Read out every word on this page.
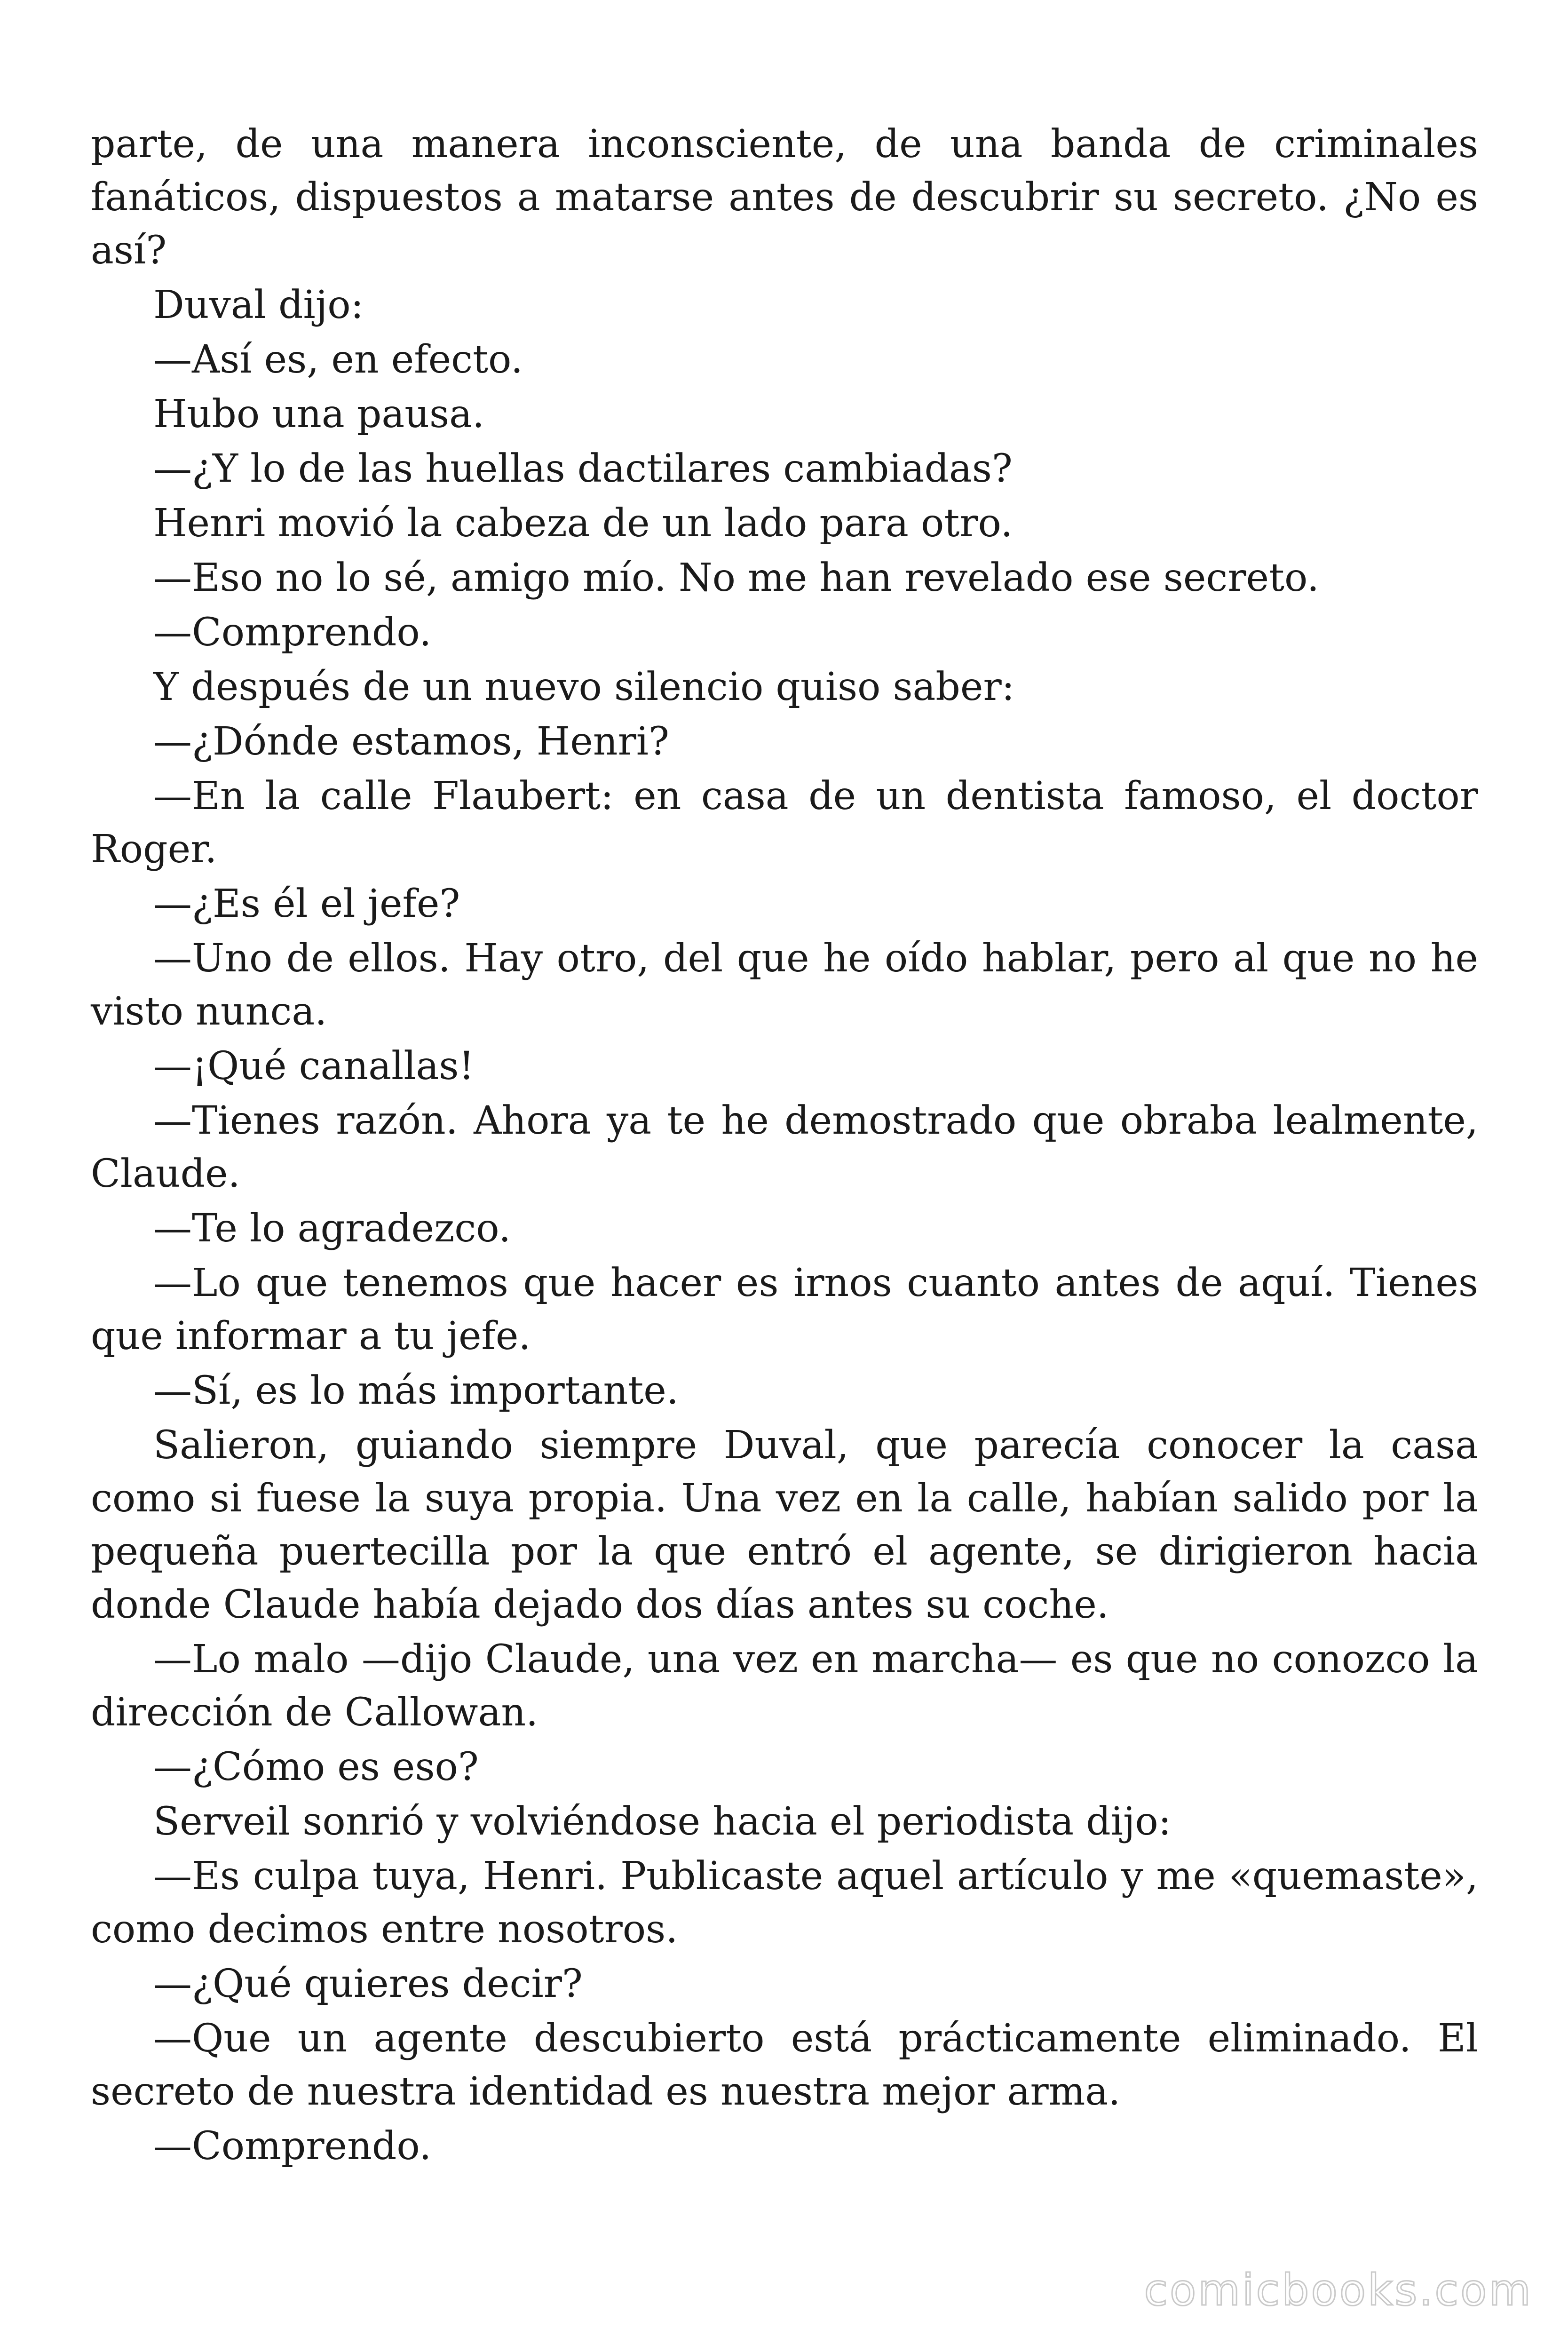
parte, de una manera inconsciente, de una banda de criminales fanáticos, dispuestos a matarse antes de descubrir su secreto. ¿No es así?

Duval dijo:

—Así es, en efecto.

Hubo una pausa.

—¿Y lo de las huellas dactilares cambiadas?

Henri movió la cabeza de un lado para otro.

—Eso no lo sé, amigo mío. No me han revelado ese secreto.

—Comprendo.

Y después de un nuevo silencio quiso saber:

—¿Dónde estamos, Henri?

—En la calle Flaubert: en casa de un dentista famoso, el doctor Roger.

—¿Es él el jefe?

—Uno de ellos. Hay otro, del que he oído hablar, pero al que no he visto nunca.

—¡Qué canallas!

—Tienes razón. Ahora ya te he demostrado que obraba lealmente, Claude.

—Te lo agradezco.

—Lo que tenemos que hacer es irnos cuanto antes de aquí. Tienes que informar a tu jefe.

—Sí, es lo más importante.

Salieron, guiando siempre Duval, que parecía conocer la casa como si fuese la suya propia. Una vez en la calle, habían salido por la pequeña puertecilla por la que entró el agente, se dirigieron hacia donde Claude había dejado dos días antes su coche.

—Lo malo —dijo Claude, una vez en marcha— es que no conozco la dirección de Callowan.

—¿Cómo es eso?

Serveil sonrió y volviéndose hacia el periodista dijo:

—Es culpa tuya, Henri. Publicaste aquel artículo y me «quemaste», como decimos entre nosotros.

—¿Qué quieres decir?

—Que un agente descubierto está prácticamente eliminado. El secreto de nuestra identidad es nuestra mejor arma.

—Comprendo.

comicbooks.com
